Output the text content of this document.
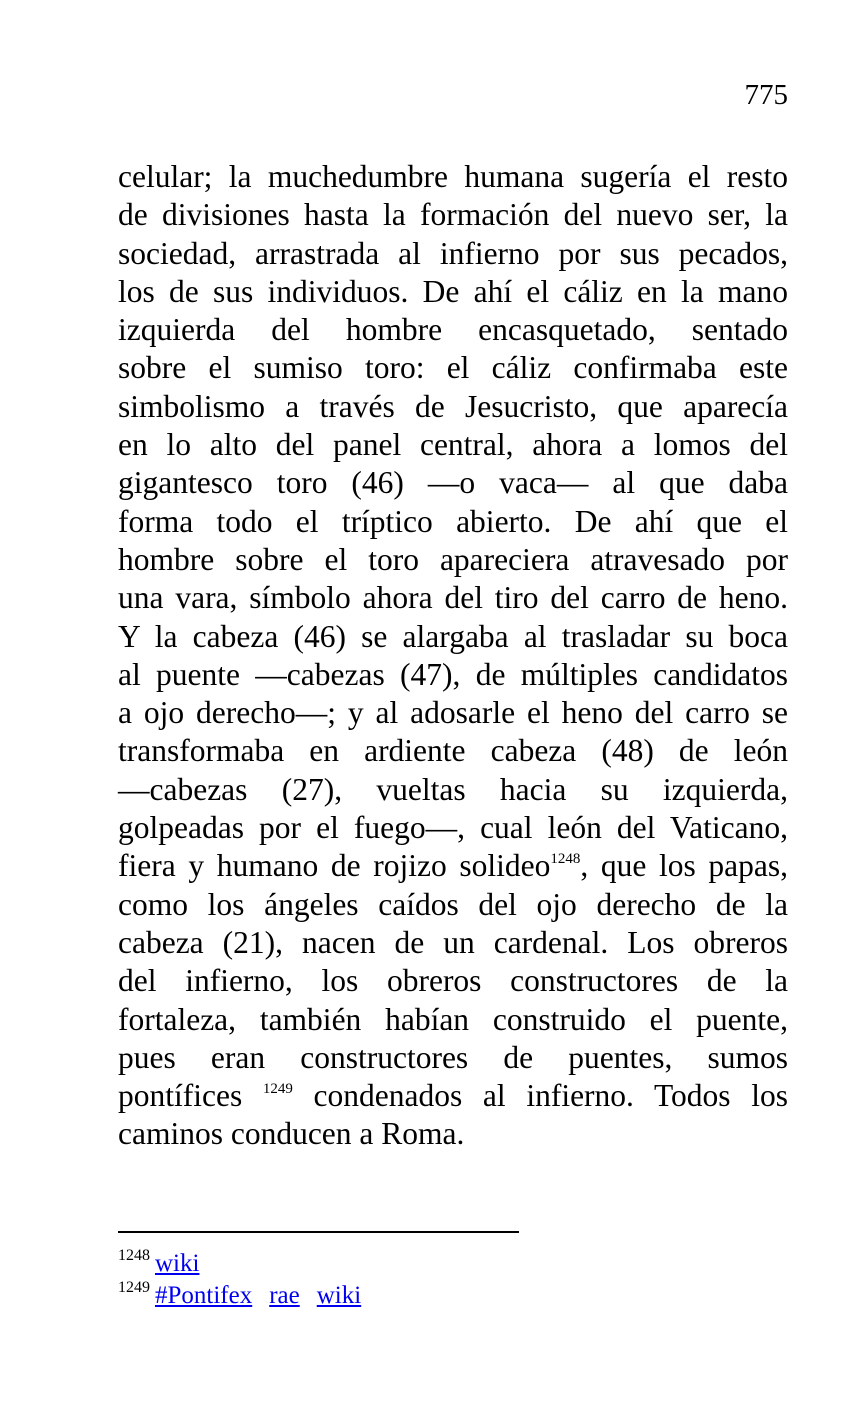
775
celular; la muchedumbre humana sugería el resto
de divisiones hasta la formación del nuevo ser, la
sociedad, arrastrada al infierno por sus pecados,
los de sus individuos. De ahí el cáliz en la mano
izquierda del hombre encasquetado, sentado
sobre el sumiso toro: el cáliz confirmaba este
simbolismo a través de Jesucristo, que aparecía
en lo alto del panel central, ahora a lomos del
gigantesco toro (46) —o vaca— al que daba
forma todo el tríptico abierto. De ahí que el
hombre sobre el toro apareciera atravesado por
una vara, símbolo ahora del tiro del carro de heno.
Y la cabeza (46) se alargaba al trasladar su boca
al puente —cabezas (47), de múltiples candidatos
a ojo derecho—; y al adosarle el heno del carro se
transformaba en ardiente cabeza (48) de león
—cabezas (27), vueltas hacia su izquierda,
golpeadas por el fuego—, cual león del Vaticano,
fiera y humano de rojizo solideo$^{1248}$, que los papas,
como los ángeles caídos del ojo derecho de la
cabeza (21), nacen de un cardenal. Los obreros
del infierno, los obreros constructores de la
fortaleza, también habían construido el puente,
pues eran constructores de puentes, sumos
pontífices $^{1249}$ condenados al infierno. Todos los
caminos conducen a Roma.
$^{1248}$ wiki
$^{1249}$ #Pontifex rae wiki
